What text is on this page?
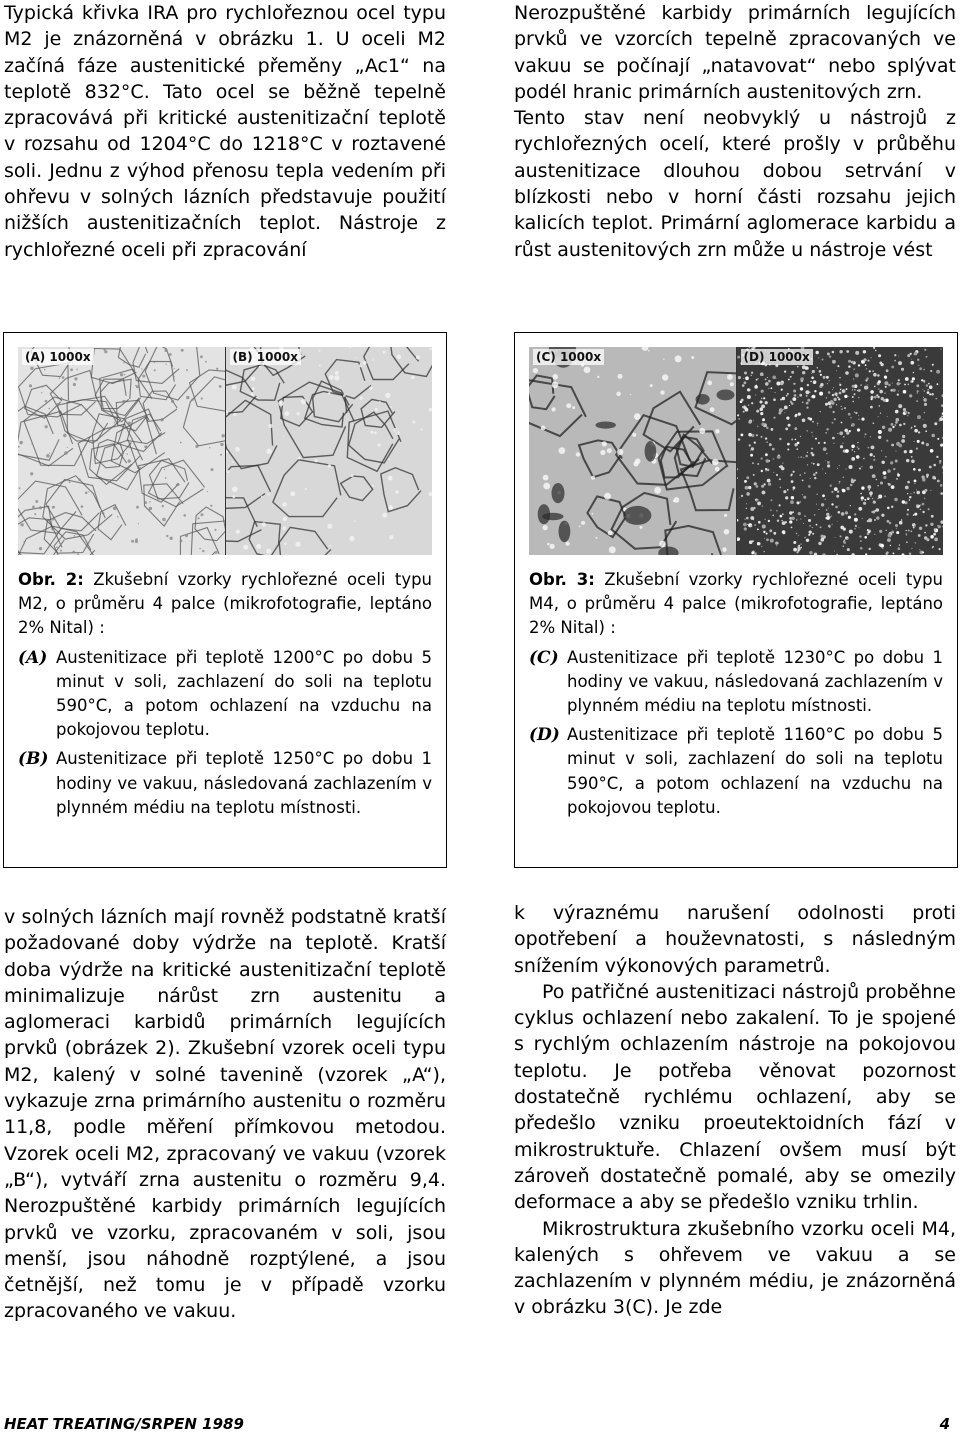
Typická křivka IRA pro rychlořeznou ocel typu M2 je znázorněná v obrázku 1. U oceli M2 začíná fáze austenitické přeměny „Ac1“ na teplotě 832°C. Tato ocel se běžně tepelně zpracovává při kritické austenitizační teplotě v rozsahu od 1204°C do 1218°C v roztavené soli. Jednu z výhod přenosu tepla vedením při ohřevu v solných lázních představuje použití nižších austenitizačních teplot. Nástroje z rychlořezné oceli při zpracování

Nerozpuštěné karbidy primárních legujících prvků ve vzorcích tepelně zpracovaných ve vakuu se počínají „natavovat“ nebo splývat podél hranic primárních austenitových zrn.

Tento stav není neobvyklý u nástrojů z rychlořezných ocelí, které prošly v průběhu austenitizace dlouhou dobou setrvání v blízkosti nebo v horní části rozsahu jejich kalicích teplot. Primární aglomerace karbidu a růst austenitových zrn může u nástroje vést

(A) 1000x	(B) 1000x

Obr. 2: Zkušební vzorky rychlořezné oceli typu M2, o průměru 4 palce (mikrofotografie, leptáno 2% Nital) :

(A) Austenitizace při teplotě 1200°C po dobu 5 minut v soli, zachlazení do soli na teplotu 590°C, a potom ochlazení na vzduchu na pokojovou teplotu.
(B) Austenitizace při teplotě 1250°C po dobu 1 hodiny ve vakuu, následovaná zachlazením v plynném médiu na teplotu místnosti.
(C) 1000x	(D) 1000x

Obr. 3: Zkušební vzorky rychlořezné oceli typu M4, o průměru 4 palce (mikrofotografie, leptáno 2% Nital) :

(C) Austenitizace při teplotě 1230°C po dobu 1 hodiny ve vakuu, následovaná zachlazením v plynném médiu na teplotu místnosti.
(D) Austenitizace při teplotě 1160°C po dobu 5 minut v soli, zachlazení do soli na teplotu 590°C, a potom ochlazení na vzduchu na pokojovou teplotu.

v solných lázních mají rovněž podstatně kratší požadované doby výdrže na teplotě. Kratší doba výdrže na kritické austenitizační teplotě minimalizuje nárůst zrn austenitu a aglomeraci karbidů primárních legujících prvků (obrázek 2). Zkušební vzorek oceli typu M2, kalený v solné tavenině (vzorek „A“), vykazuje zrna primárního austenitu o rozměru 11,8, podle měření přímkovou metodou. Vzorek oceli M2, zpracovaný ve vakuu (vzorek „B“), vytváří zrna austenitu o rozměru 9,4. Nerozpuštěné karbidy primárních legujících prvků ve vzorku, zpracovaném v soli, jsou menší, jsou náhodně rozptýlené, a jsou četnější, než tomu je v případě vzorku zpracovaného ve vakuu.

k výraznému narušení odolnosti proti opotřebení a houževnatosti, s následným snížením výkonových parametrů.

Po patřičné austenitizaci nástrojů proběhne cyklus ochlazení nebo zakalení. To je spojené s rychlým ochlazením nástroje na pokojovou teplotu. Je potřeba věnovat pozornost dostatečně rychlému ochlazení, aby se předešlo vzniku proeutektoidních fází v mikrostruktuře. Chlazení ovšem musí být zároveň dostatečně pomalé, aby se omezily deformace a aby se předešlo vzniku trhlin.

Mikrostruktura zkušebního vzorku oceli M4, kalených s ohřevem ve vakuu a se zachlazením v plynném médiu, je znázorněná v obrázku 3(C). Je zde

HEAT TREATING/SRPEN 1989	4
